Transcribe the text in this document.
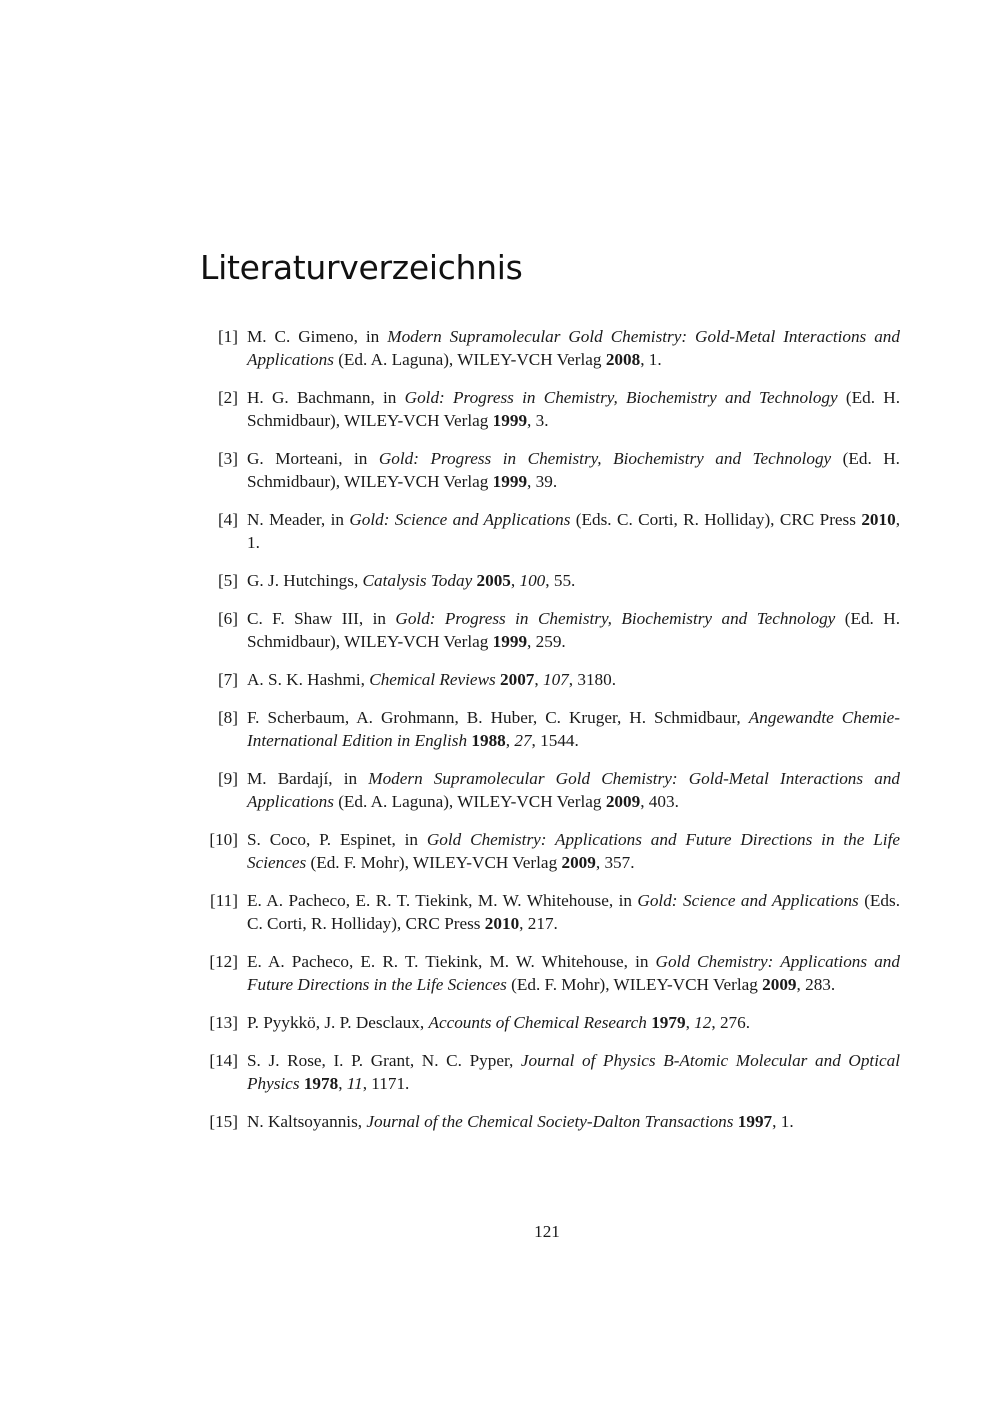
Literaturverzeichnis
[1] M. C. Gimeno, in Modern Supramolecular Gold Chemistry: Gold-Metal Interactions and Applications (Ed. A. Laguna), WILEY-VCH Verlag 2008, 1.
[2] H. G. Bachmann, in Gold: Progress in Chemistry, Biochemistry and Technology (Ed. H. Schmidbaur), WILEY-VCH Verlag 1999, 3.
[3] G. Morteani, in Gold: Progress in Chemistry, Biochemistry and Technology (Ed. H. Schmidbaur), WILEY-VCH Verlag 1999, 39.
[4] N. Meader, in Gold: Science and Applications (Eds. C. Corti, R. Holliday), CRC Press 2010, 1.
[5] G. J. Hutchings, Catalysis Today 2005, 100, 55.
[6] C. F. Shaw III, in Gold: Progress in Chemistry, Biochemistry and Technology (Ed. H. Schmidbaur), WILEY-VCH Verlag 1999, 259.
[7] A. S. K. Hashmi, Chemical Reviews 2007, 107, 3180.
[8] F. Scherbaum, A. Grohmann, B. Huber, C. Kruger, H. Schmidbaur, Angewandte Chemie-International Edition in English 1988, 27, 1544.
[9] M. Bardají, in Modern Supramolecular Gold Chemistry: Gold-Metal Interactions and Applications (Ed. A. Laguna), WILEY-VCH Verlag 2009, 403.
[10] S. Coco, P. Espinet, in Gold Chemistry: Applications and Future Directions in the Life Sciences (Ed. F. Mohr), WILEY-VCH Verlag 2009, 357.
[11] E. A. Pacheco, E. R. T. Tiekink, M. W. Whitehouse, in Gold: Science and Applications (Eds. C. Corti, R. Holliday), CRC Press 2010, 217.
[12] E. A. Pacheco, E. R. T. Tiekink, M. W. Whitehouse, in Gold Chemistry: Applications and Future Directions in the Life Sciences (Ed. F. Mohr), WILEY-VCH Verlag 2009, 283.
[13] P. Pyykkö, J. P. Desclaux, Accounts of Chemical Research 1979, 12, 276.
[14] S. J. Rose, I. P. Grant, N. C. Pyper, Journal of Physics B-Atomic Molecular and Optical Physics 1978, 11, 1171.
[15] N. Kaltsoyannis, Journal of the Chemical Society-Dalton Transactions 1997, 1.
121
